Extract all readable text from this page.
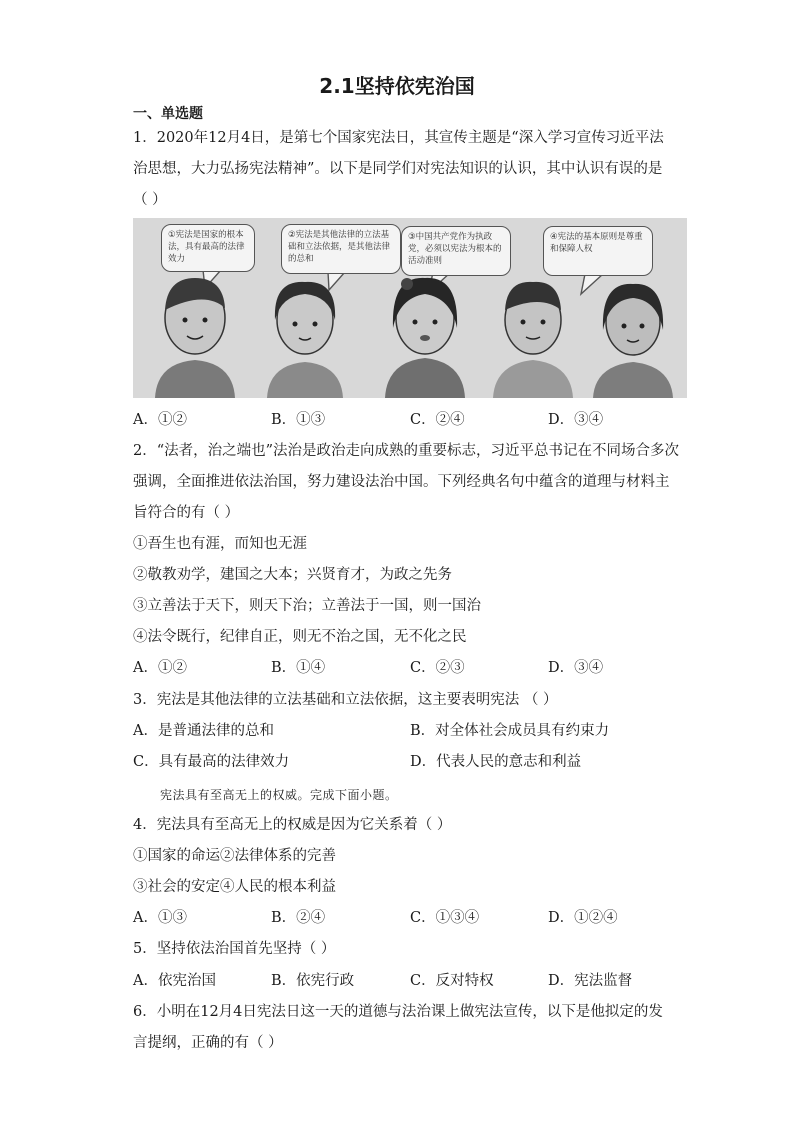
2.1坚持依宪治国
一、单选题
1．2020年12月4日，是第七个国家宪法日，其宣传主题是“深入学习宣传习近平法
治思想，大力弘扬宪法精神”。以下是同学们对宪法知识的认识，其中认识有误的是
（ ）
①宪法是国家的根本法，具有最高的法律效力
②宪法是其他法律的立法基础和立法依据，是其他法律的总和
③中国共产党作为执政党，必须以宪法为根本的活动准则
④宪法的基本原则是尊重和保障人权
A．①②	B．①③	C．②④	D．③④
2．“法者，治之端也”法治是政治走向成熟的重要标志，习近平总书记在不同场合多次
强调，全面推进依法治国，努力建设法治中国。下列经典名句中蕴含的道理与材料主
旨符合的有（ ）
①吾生也有涯，而知也无涯
②敬教劝学，建国之大本；兴贤育才，为政之先务
③立善法于天下，则天下治；立善法于一国，则一国治
④法令既行，纪律自正，则无不治之国，无不化之民
A．①②	B．①④	C．②③	D．③④
3．宪法是其他法律的立法基础和立法依据，这主要表明宪法 （ ）
A．是普通法律的总和	B．对全体社会成员具有约束力
C．具有最高的法律效力	D．代表人民的意志和利益
宪法具有至高无上的权威。完成下面小题。
4．宪法具有至高无上的权威是因为它关系着（ ）
①国家的命运②法律体系的完善
③社会的安定④人民的根本利益
A．①③	B．②④	C．①③④	D．①②④
5．坚持依法治国首先坚持（ ）
A．依宪治国	B．依宪行政	C．反对特权	D．宪法监督
6．小明在12月4日宪法日这一天的道德与法治课上做宪法宣传，以下是他拟定的发
言提纲，正确的有（ ）
